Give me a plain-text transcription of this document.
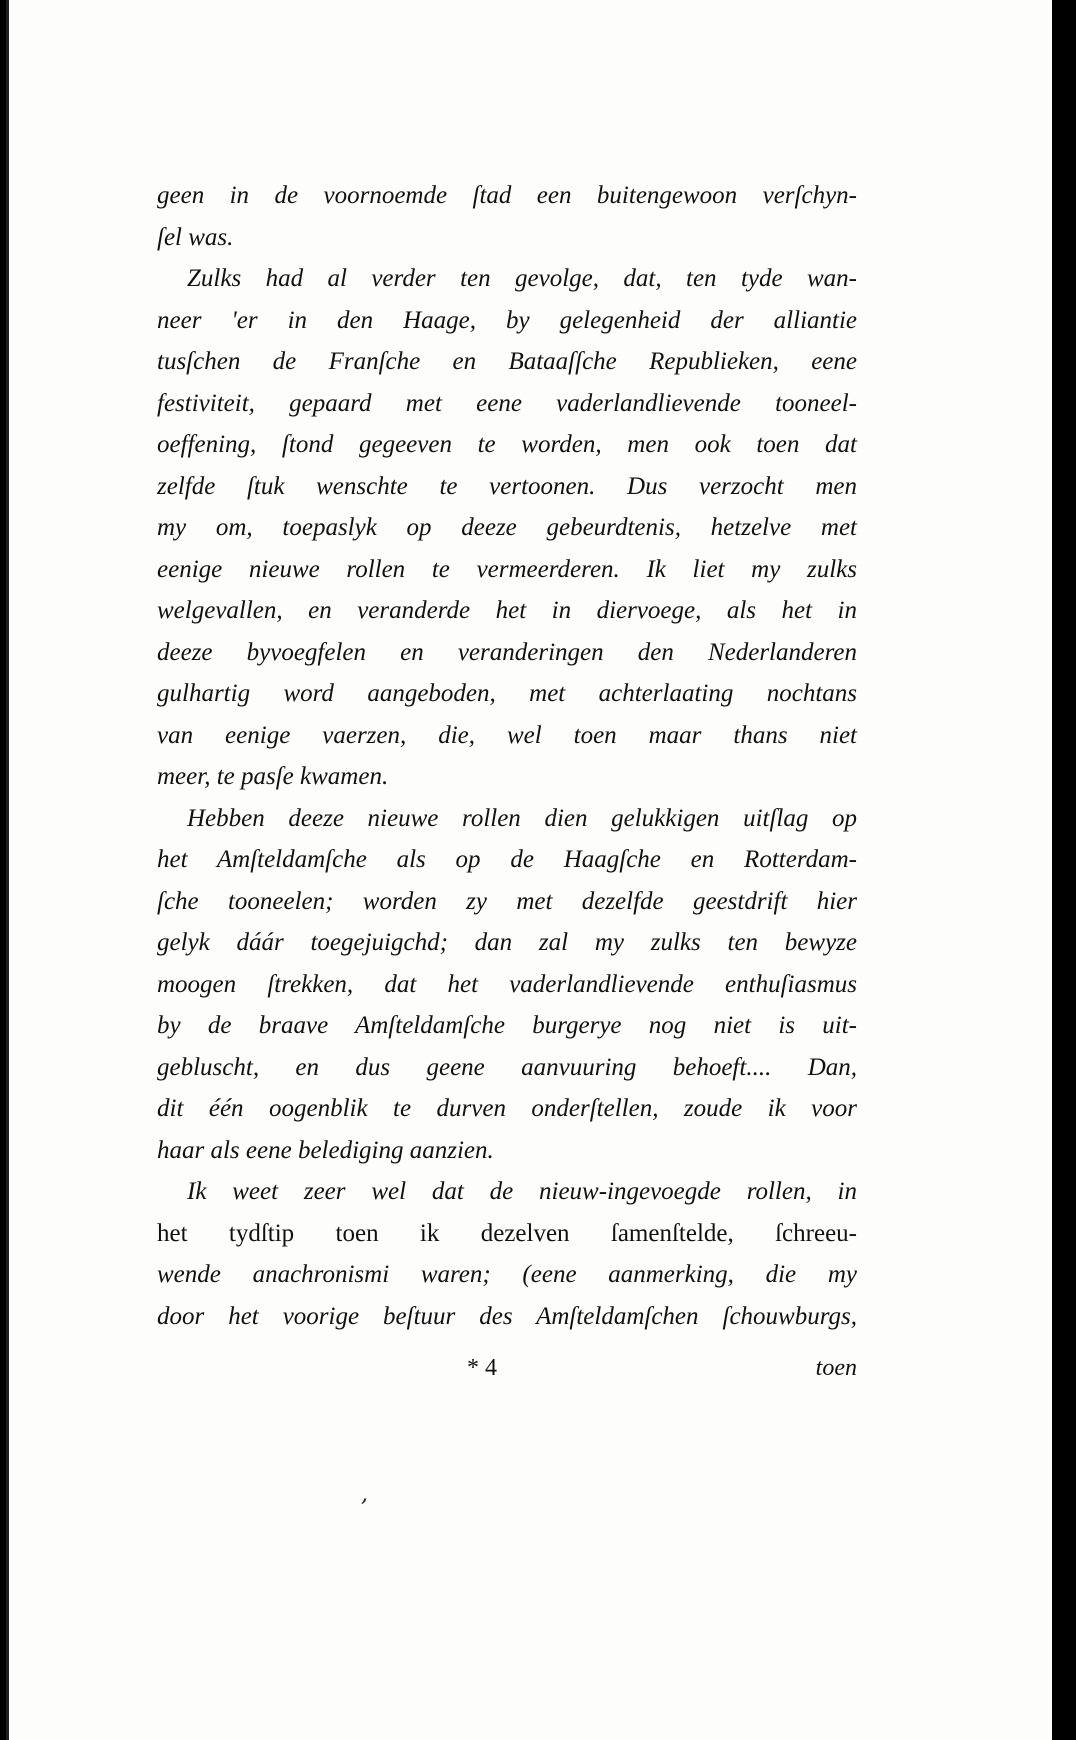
geen in de voornoemde ſtad een buitengewoon verſchyn-
ſel was.
Zulks had al verder ten gevolge, dat, ten tyde wan-
neer 'er in den Haage, by gelegenheid der alliantie
tusſchen de Franſche en Bataaſſche Republieken, eene
festiviteit, gepaard met eene vaderlandlievende tooneel-
oeffening, ſtond gegeeven te worden, men ook toen dat
zelfde ſtuk wenschte te vertoonen. Dus verzocht men
my om, toepaslyk op deeze gebeurdtenis, hetzelve met
eenige nieuwe rollen te vermeerderen. Ik liet my zulks
welgevallen, en veranderde het in diervoege, als het in
deeze byvoegfelen en veranderingen den Nederlanderen
gulhartig word aangeboden, met achterlaating nochtans
van eenige vaerzen, die, wel toen maar thans niet
meer, te pasſe kwamen.
Hebben deeze nieuwe rollen dien gelukkigen uitſlag op
het Amſteldamſche als op de Haagſche en Rotterdam-
ſche tooneelen; worden zy met dezelfde geestdrift hier
gelyk dáár toegejuigchd; dan zal my zulks ten bewyze
moogen ſtrekken, dat het vaderlandlievende enthuſiasmus
by de braave Amſteldamſche burgerye nog niet is uit-
gebluscht, en dus geene aanvuuring behoeft.... Dan,
dit één oogenblik te durven onderſtellen, zoude ik voor
haar als eene belediging aanzien.
Ik weet zeer wel dat de nieuw-ingevoegde rollen, in
het tydſtip toen ik dezelven ſamenſtelde, ſchreeu-
wende anachronismi waren; (eene aanmerking, die my
door het voorige beſtuur des Amſteldamſchen ſchouwburgs,
* 4	toen
,
